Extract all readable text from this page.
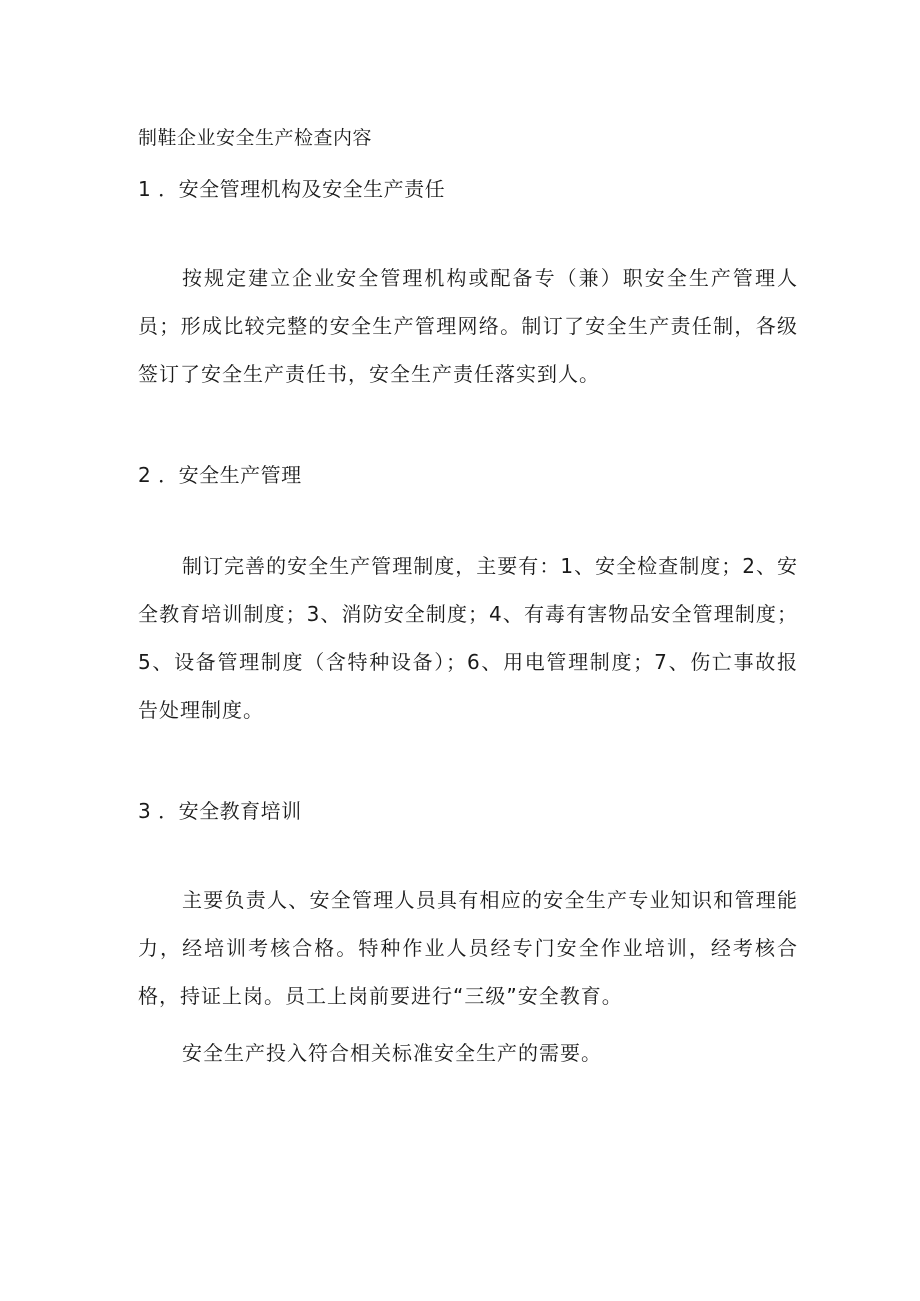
制鞋企业安全生产检查内容
1 ．安全管理机构及安全生产责任

按规定建立企业安全管理机构或配备专（兼）职安全生产管理人员；形成比较完整的安全生产管理网络。制订了安全生产责任制，各级签订了安全生产责任书，安全生产责任落实到人。

2 ．安全生产管理

制订完善的安全生产管理制度，主要有：1、安全检查制度；2、安全教育培训制度；3、消防安全制度；4、有毒有害物品安全管理制度；5、设备管理制度（含特种设备）；6、用电管理制度；7、伤亡事故报告处理制度。

3 ．安全教育培训

主要负责人、安全管理人员具有相应的安全生产专业知识和管理能力，经培训考核合格。特种作业人员经专门安全作业培训，经考核合格，持证上岗。员工上岗前要进行“三级”安全教育。

安全生产投入符合相关标准安全生产的需要。
